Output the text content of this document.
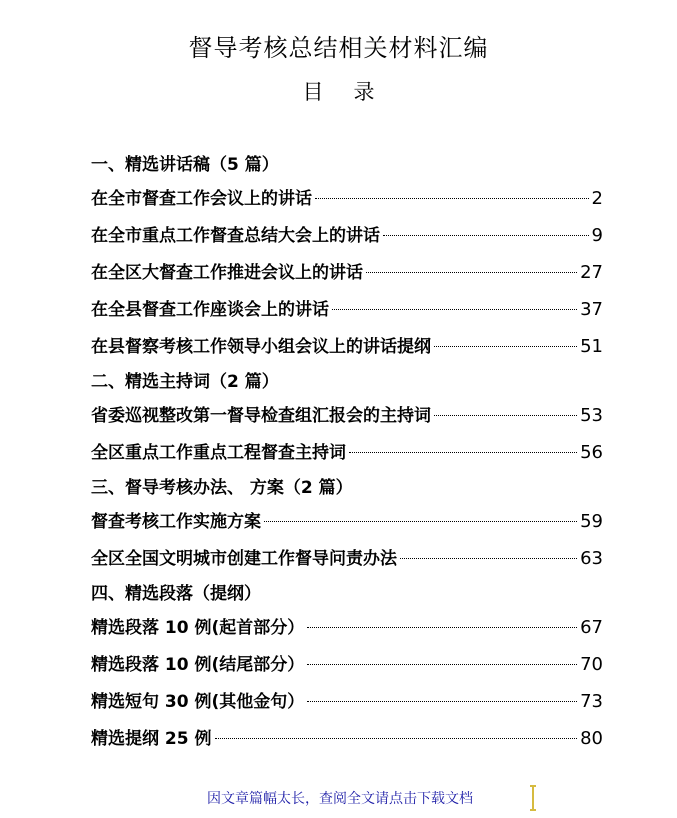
督导考核总结相关材料汇编
目录
一、精选讲话稿（5 篇）
在全市督查工作会议上的讲话	2
在全市重点工作督查总结大会上的讲话	9
在全区大督查工作推进会议上的讲话	27
在全县督查工作座谈会上的讲话	37
在县督察考核工作领导小组会议上的讲话提纲	51
二、精选主持词（2 篇）
省委巡视整改第一督导检查组汇报会的主持词	53
全区重点工作重点工程督查主持词	56
三、督导考核办法、 方案（2 篇）
督查考核工作实施方案	59
全区全国文明城市创建工作督导问责办法	63
四、精选段落（提纲）
精选段落 10 例(起首部分）	67
精选段落 10 例(结尾部分）	70
精选短句 30 例(其他金句）	73
精选提纲 25 例	80
因文章篇幅太长，查阅全文请点击下载文档
